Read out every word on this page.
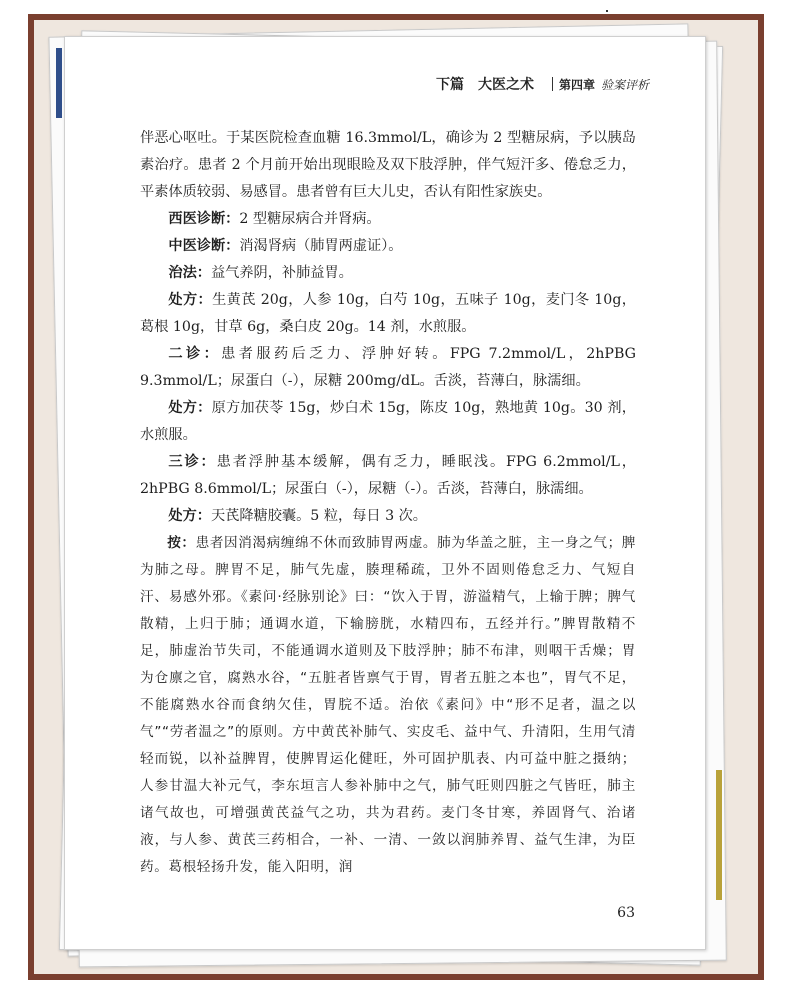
下篇　大医之术 第四章 验案评析

伴恶心呕吐。于某医院检查血糖 16.3mmol/L，确诊为 2 型糖尿病，予以胰岛素治疗。患者 2 个月前开始出现眼睑及双下肢浮肿，伴气短汗多、倦怠乏力，平素体质较弱、易感冒。患者曾有巨大儿史，否认有阳性家族史。

西医诊断：2 型糖尿病合并肾病。

中医诊断：消渴肾病（肺胃两虚证）。

治法：益气养阴，补肺益胃。

处方：生黄芪 20g，人参 10g，白芍 10g，五味子 10g，麦门冬 10g，葛根 10g，甘草 6g，桑白皮 20g。14 剂，水煎服。

二诊：患者服药后乏力、浮肿好转。FPG 7.2mmol/L，2hPBG 9.3mmol/L；尿蛋白（-），尿糖 200mg/dL。舌淡，苔薄白，脉濡细。

处方：原方加茯苓 15g，炒白术 15g，陈皮 10g，熟地黄 10g。30 剂，水煎服。

三诊：患者浮肿基本缓解，偶有乏力，睡眠浅。FPG 6.2mmol/L，2hPBG 8.6mmol/L；尿蛋白（-），尿糖（-）。舌淡，苔薄白，脉濡细。

处方：天芪降糖胶囊。5 粒，每日 3 次。

按：患者因消渴病缠绵不休而致肺胃两虚。肺为华盖之脏，主一身之气；脾为肺之母。脾胃不足，肺气先虚，腠理稀疏，卫外不固则倦怠乏力、气短自汗、易感外邪。《素问·经脉别论》曰：“饮入于胃，游溢精气，上输于脾；脾气散精，上归于肺；通调水道，下输膀胱，水精四布，五经并行。”脾胃散精不足，肺虚治节失司，不能通调水道则及下肢浮肿；肺不布津，则咽干舌燥；胃为仓廪之官，腐熟水谷，“五脏者皆禀气于胃，胃者五脏之本也”，胃气不足，不能腐熟水谷而食纳欠佳，胃脘不适。治依《素问》中“形不足者，温之以气”“劳者温之”的原则。方中黄芪补肺气、实皮毛、益中气、升清阳，生用气清轻而锐，以补益脾胃，使脾胃运化健旺，外可固护肌表、内可益中脏之摄纳；人参甘温大补元气，李东垣言人参补肺中之气，肺气旺则四脏之气皆旺，肺主诸气故也，可增强黄芪益气之功，共为君药。麦门冬甘寒，养固肾气、治诸液，与人参、黄芪三药相合，一补、一清、一敛以润肺养胃、益气生津，为臣药。葛根轻扬升发，能入阳明，润

63
